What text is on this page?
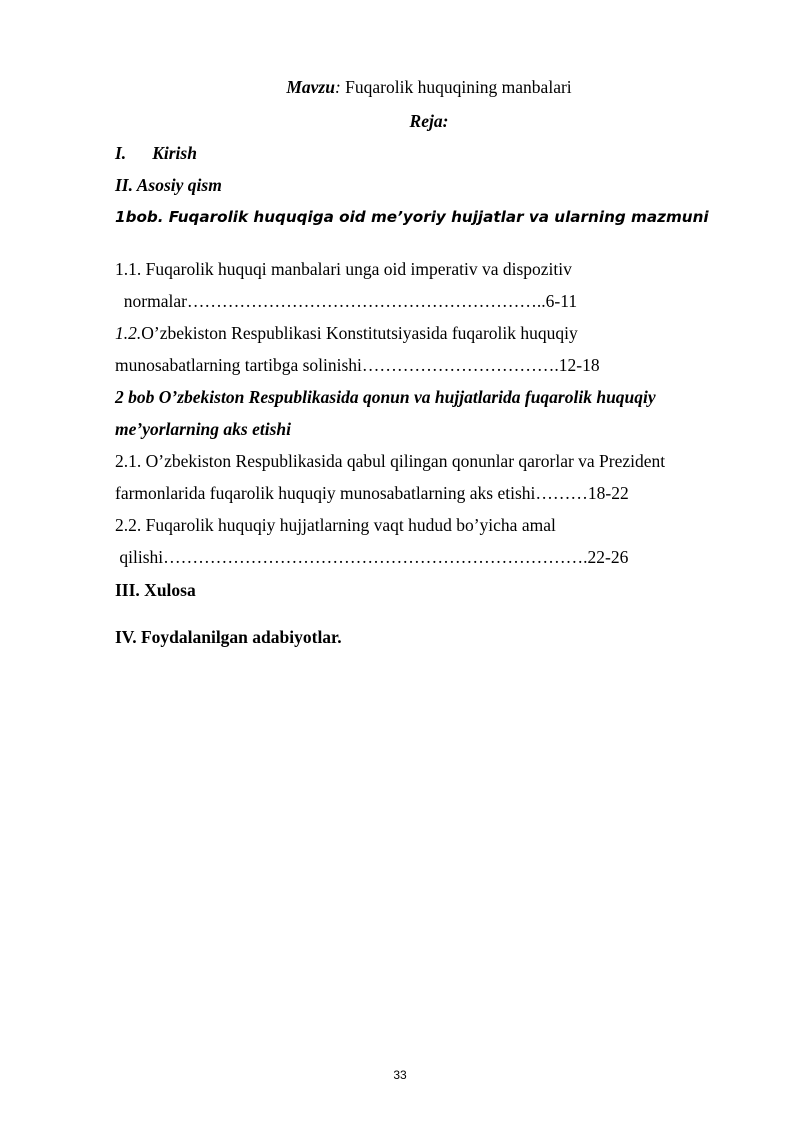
Mavzu: Fuqarolik huquqining manbalari
Reja:
I. Kirish
II. Asosiy qism
1bob. Fuqarolik huquqiga oid me’yoriy hujjatlar va ularning mazmuni
1.1. Fuqarolik huquqi manbalari unga oid imperativ va dispozitiv
normalar……………………………………………………..6-11
1.2.O’zbekiston Respublikasi Konstitutsiyasida fuqarolik huquqiy
munosabatlarning tartibga solinishi…………………………….12-18
2 bob O’zbekiston Respublikasida qonun va hujjatlarida fuqarolik huquqiy
me’yorlarning aks etishi
2.1. O’zbekiston Respublikasida qabul qilingan qonunlar qarorlar va Prezident
farmonlarida fuqarolik huquqiy munosabatlarning aks etishi………18-22
2.2. Fuqarolik huquqiy hujjatlarning vaqt hudud bo’yicha amal
qilishi……………………………………………………………….22-26
III. Xulosa
IV. Foydalanilgan adabiyotlar.
33
